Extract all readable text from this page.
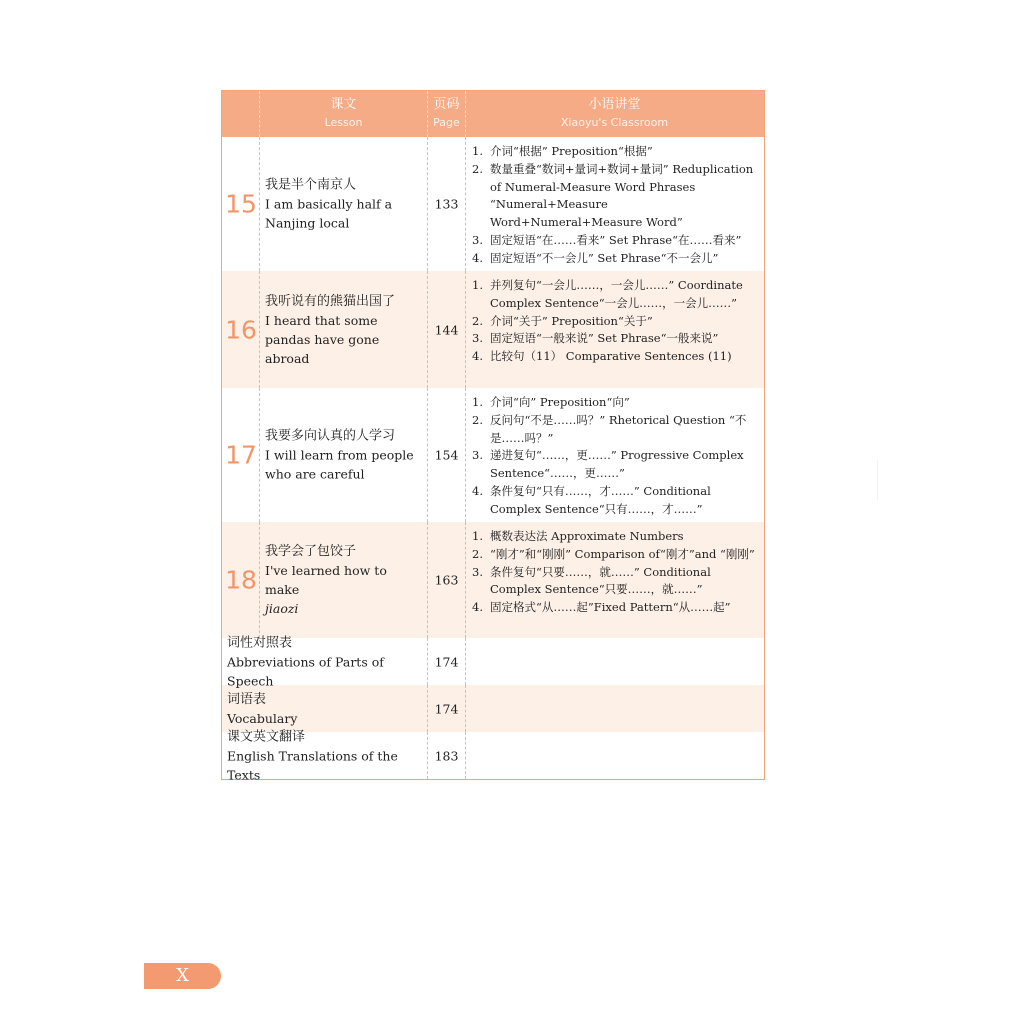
课文
Lesson
页码
Page
小语讲堂
Xiaoyu's Classroom
15
我是半个南京人
I am basically half a Nanjing local
133
1. 介词“根据” Preposition“根据”
2. 数量重叠“数词+量词+数词+量词” Reduplication of Numeral-Measure Word Phrases “Numeral+Measure Word+Numeral+Measure Word”
3. 固定短语“在……看来” Set Phrase“在……看来”
4. 固定短语“不一会儿” Set Phrase“不一会儿”
16
我听说有的熊猫出国了
I heard that some pandas have gone abroad
144
1. 并列复句“一会儿……，一会儿……” Coordinate Complex Sentence“一会儿……，一会儿……”
2. 介词“关于” Preposition“关于”
3. 固定短语“一般来说” Set Phrase“一般来说”
4. 比较句（11） Comparative Sentences (11)
17
我要多向认真的人学习
I will learn from people who are careful
154
1. 介词“向” Preposition“向”
2. 反问句“不是……吗？” Rhetorical Question “不是……吗？”
3. 递进复句“……，更……” Progressive Complex Sentence“……，更……”
4. 条件复句“只有……，才……” Conditional Complex Sentence“只有……，才……”
18
我学会了包饺子
I've learned how to make
jiaozi
163
1. 概数表达法 Approximate Numbers
2. “刚才”和“刚刚” Comparison of“刚才”and “刚刚”
3. 条件复句“只要……，就……” Conditional Complex Sentence“只要……，就……”
4. 固定格式“从……起”Fixed Pattern“从……起”
词性对照表
Abbreviations of Parts of Speech
174
词语表
Vocabulary
174
课文英文翻译
English Translations of the Texts
183
X
